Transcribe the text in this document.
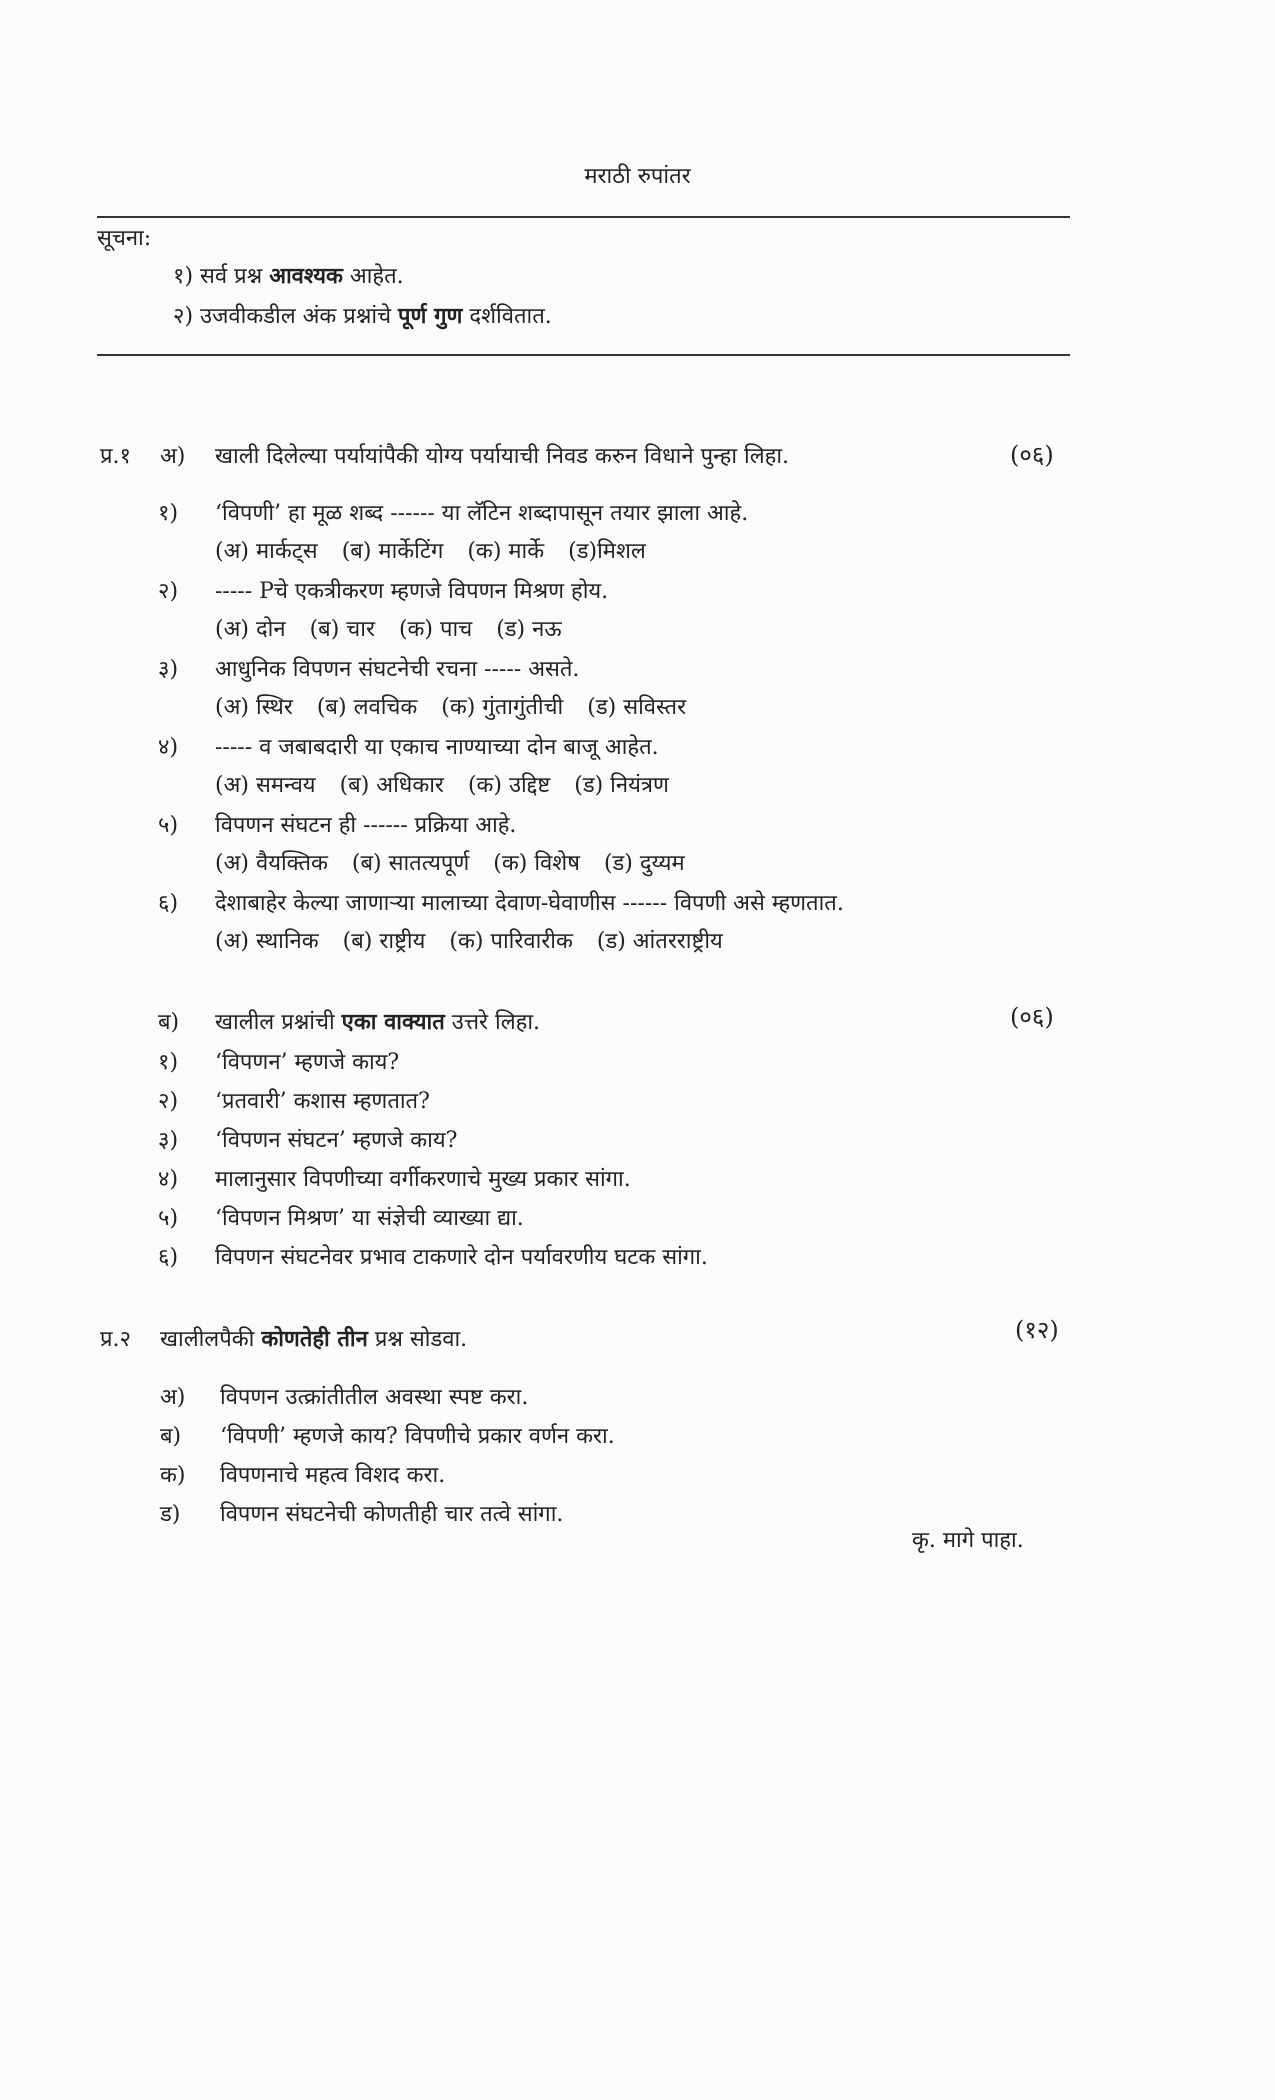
मराठी रुपांतर
सूचना:
१) सर्व प्रश्न आवश्यक आहेत.
२) उजवीकडील अंक प्रश्नांचे पूर्ण गुण दर्शवितात.
प्र.१ अ) खाली दिलेल्या पर्यायांपैकी योग्य पर्यायाची निवड करुन विधाने पुन्हा लिहा.	(०६)
१) ‘विपणी’ हा मूळ शब्द ------ या लॅटिन शब्दापासून तयार झाला आहे.
(अ) मार्कट्स (ब) मार्केटिंग (क) मार्के (ड)मिशल
२) ----- Pचे एकत्रीकरण म्हणजे विपणन मिश्रण होय.
(अ) दोन (ब) चार (क) पाच (ड) नऊ
३) आधुनिक विपणन संघटनेची रचना ----- असते.
(अ) स्थिर (ब) लवचिक (क) गुंतागुंतीची (ड) सविस्तर
४) ----- व जबाबदारी या एकाच नाण्याच्या दोन बाजू आहेत.
(अ) समन्वय (ब) अधिकार (क) उद्दिष्ट (ड) नियंत्रण
५) विपणन संघटन ही ------ प्रक्रिया आहे.
(अ) वैयक्तिक (ब) सातत्यपूर्ण (क) विशेष (ड) दुय्यम
६) देशाबाहेर केल्या जाणाऱ्या मालाच्या देवाण-घेवाणीस ------ विपणी असे म्हणतात.
(अ) स्थानिक (ब) राष्ट्रीय (क) पारिवारीक (ड) आंतरराष्ट्रीय
ब) खालील प्रश्नांची एका वाक्यात उत्तरे लिहा.	(०६)
१) ‘विपणन’ म्हणजे काय?
२) ‘प्रतवारी’ कशास म्हणतात?
३) ‘विपणन संघटन’ म्हणजे काय?
४) मालानुसार विपणीच्या वर्गीकरणाचे मुख्य प्रकार सांगा.
५) ‘विपणन मिश्रण’ या संज्ञेची व्याख्या द्या.
६) विपणन संघटनेवर प्रभाव टाकणारे दोन पर्यावरणीय घटक सांगा.
प्र.२ खालीलपैकी कोणतेही तीन प्रश्न सोडवा.	(१२)
अ) विपणन उत्क्रांतीतील अवस्था स्पष्ट करा.
ब) ‘विपणी’ म्हणजे काय? विपणीचे प्रकार वर्णन करा.
क) विपणनाचे महत्व विशद करा.
ड) विपणन संघटनेची कोणतीही चार तत्वे सांगा.
कृ. मागे पाहा.
